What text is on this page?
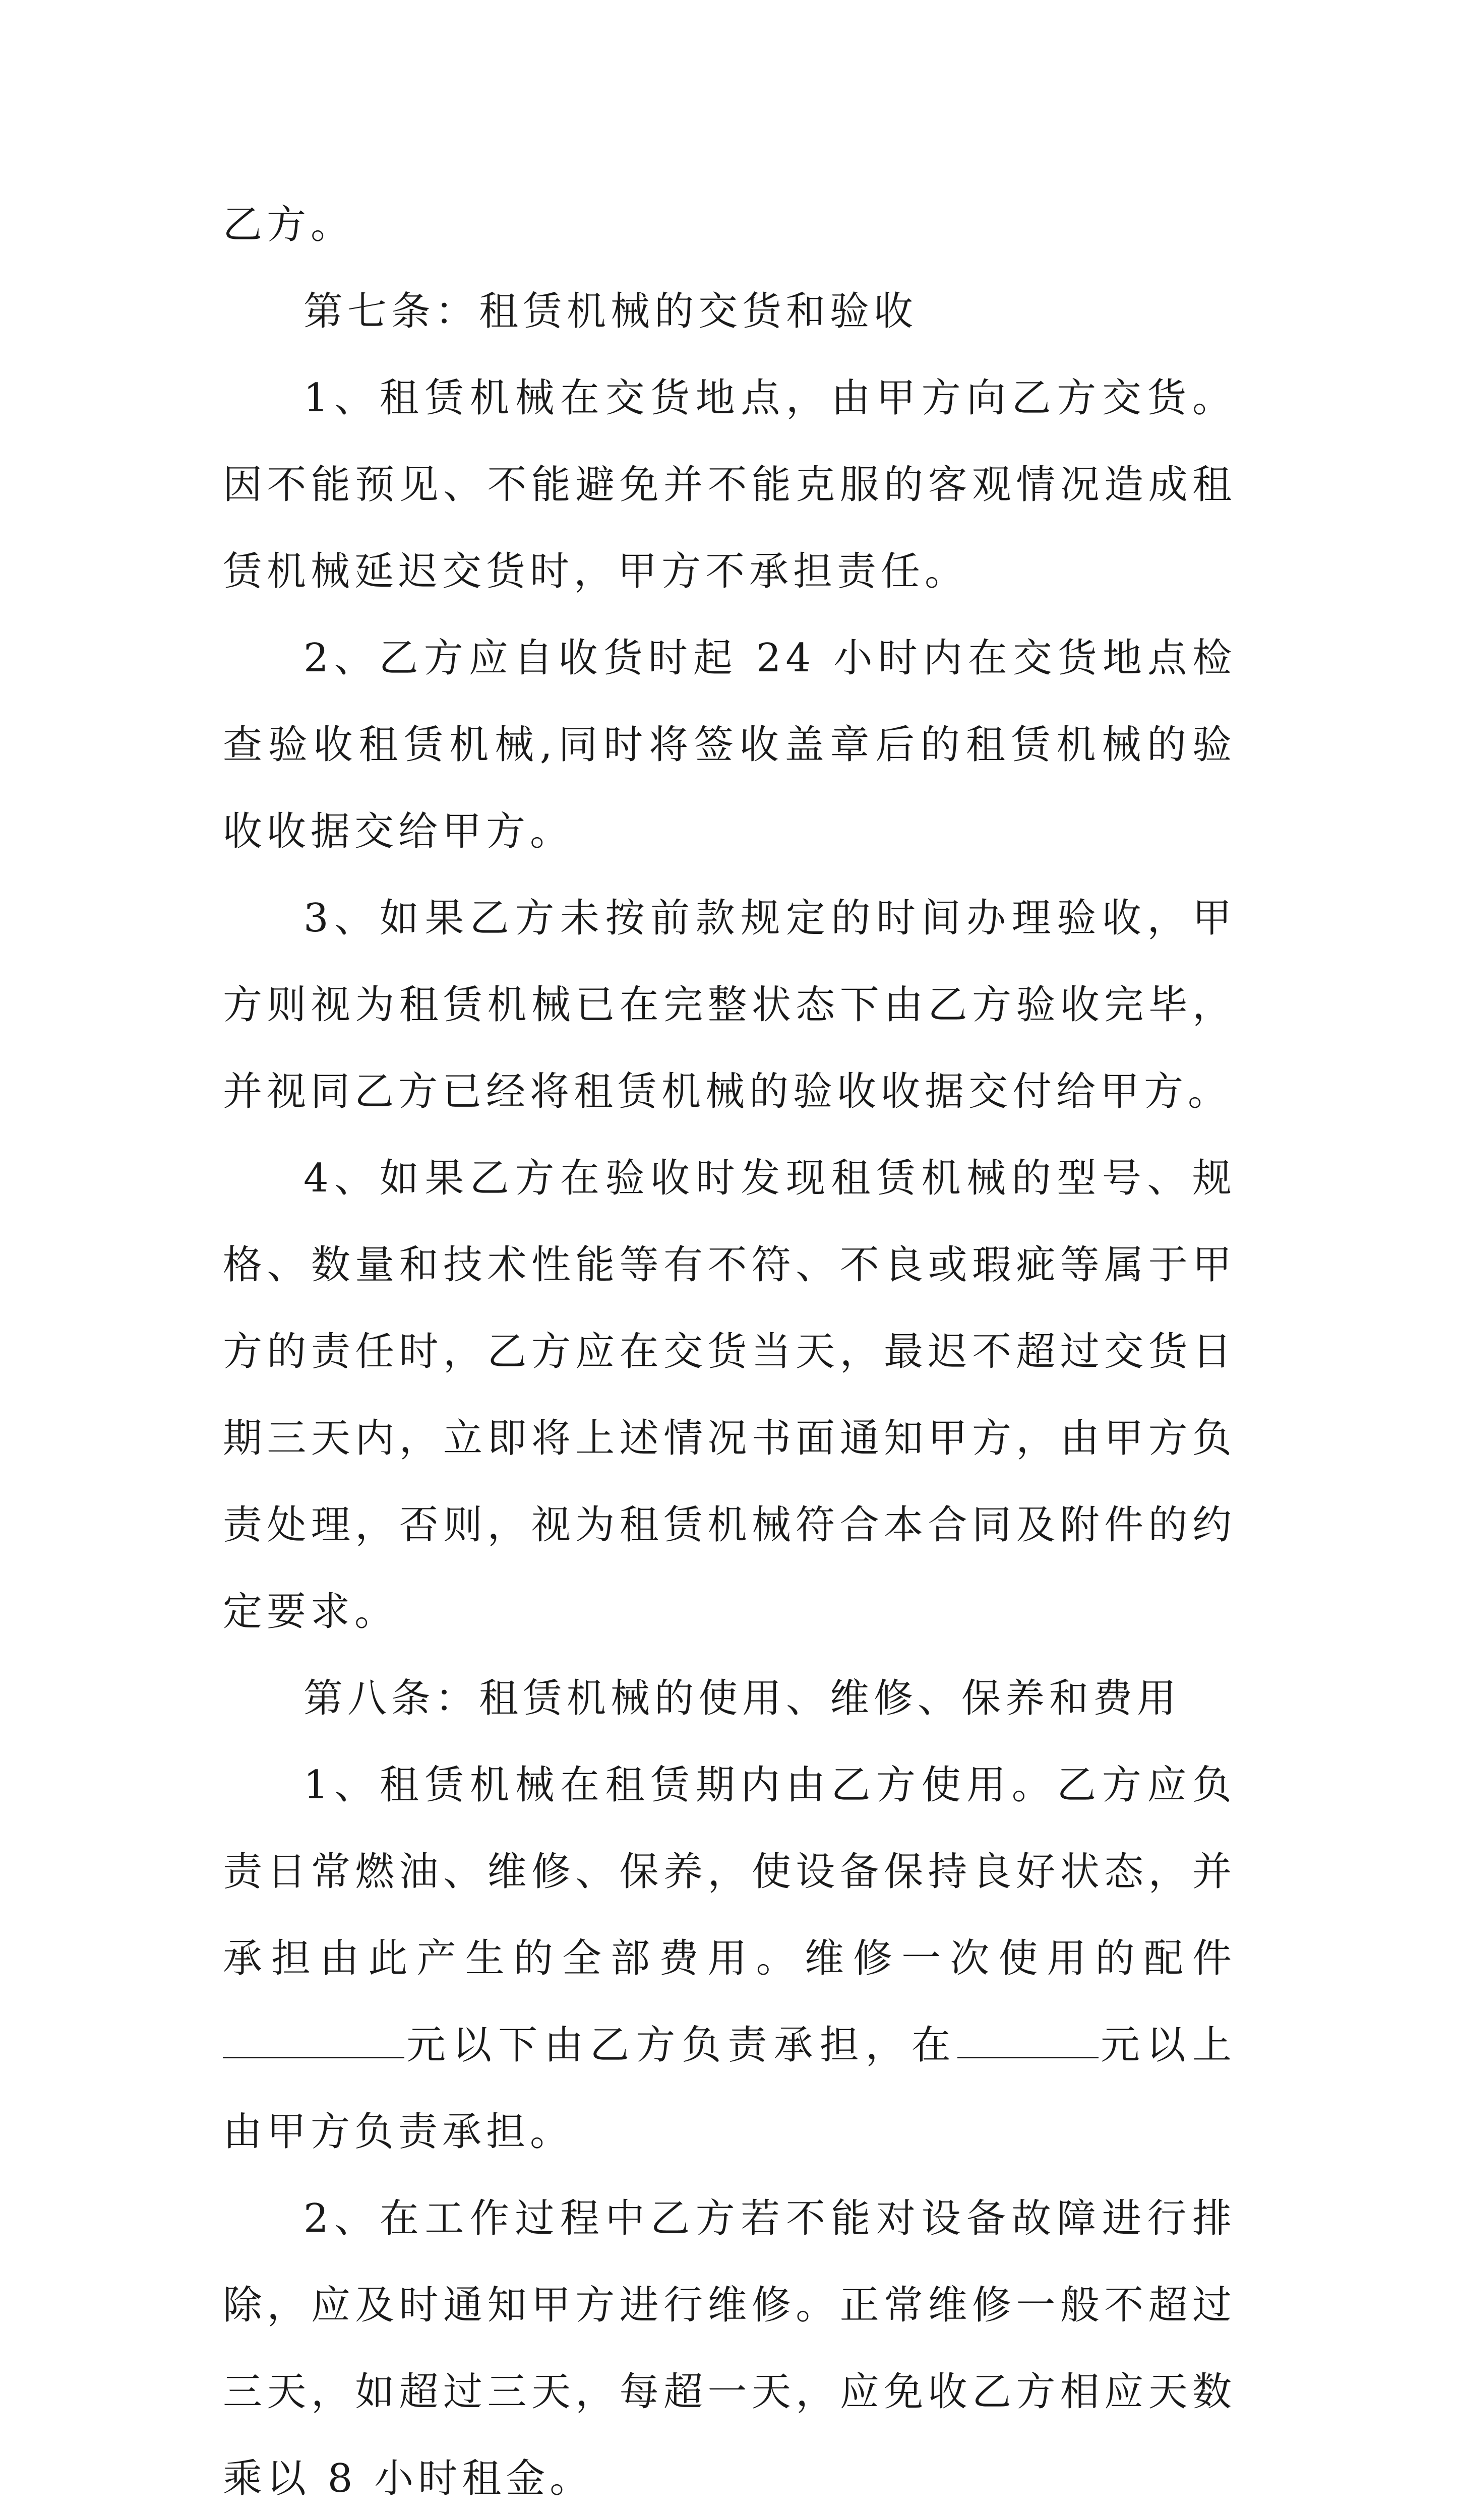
乙方。

第七条：租赁机械的交货和验收

1、租赁机械在交货地点，由甲方向乙方交货。因不能预见、不能避免并不能克服的客观情况造成租赁机械延迟交货时，甲方不承担责任。

2、乙方应自收货时起 24 小时内在交货地点检查验收租赁机械,同时将签收盖章后的租赁机械的验收收据交给甲方。

3、如果乙方未按前款规定的时间办理验收，甲方则视为租赁机械已在完整状态下由乙方验收完毕，并视同乙方已经将租赁机械的验收收据交付给甲方。

4、如果乙方在验收时发现租赁机械的型号、规格、数量和技术性能等有不符、不良或瑕疵等属于甲方的责任时，乙方应在交货当天，最迟不超过交货日期三天内，立即将上述情况书面通知甲方，由甲方负责处理，否则，视为租赁机械符合本合同及附件的约定要求。

第八条：租赁机械的使用、维修、保养和费用

1、租赁机械在租赁期内由乙方使用。乙方应负责日常燃油、维修、保养，使设备保持良好状态，并承担由此产生的全部费用。维修一次使用的配件元以下由乙方负责承担，在	元以上由甲方负责承担。

2、在工作过程中乙方若不能对设备故障进行排除，应及时通知甲方进行维修。正常维修一般不超过三天，如超过三天，每超一天，应免收乙方相应天数乘以 8 小时租金。
